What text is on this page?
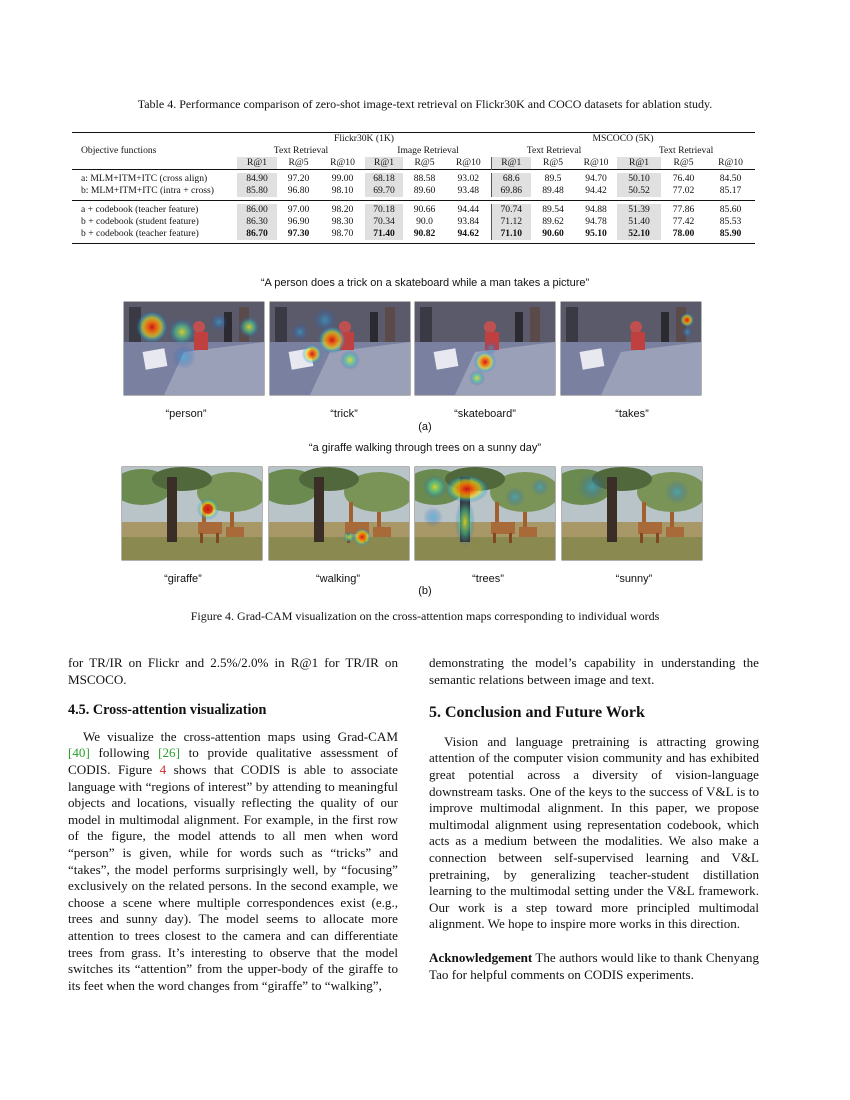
Table 4. Performance comparison of zero-shot image-text retrieval on Flickr30K and COCO datasets for ablation study.
	Flickr30K (1K)						MSCOCO (5K)					
Objective functions	Text Retrieval			Image Retrieval			Text Retrieval			Text Retrieval		
	R@1	R@5	R@10	R@1	R@5	R@10	R@1	R@5	R@10	R@1	R@5	R@10

a: MLM+ITM+ITC (cross align)	84.90	97.20	99.00	68.18	88.58	93.02	68.6	89.5	94.70	50.10	76.40	84.50
b: MLM+ITM+ITC (intra + cross)	85.80	96.80	98.10	69.70	89.60	93.48	69.86	89.48	94.42	50.52	77.02	85.17

a + codebook (teacher feature)	86.00	97.00	98.20	70.18	90.66	94.44	70.74	89.54	94.88	51.39	77.86	85.60
b + codebook (student feature)	86.30	96.90	98.30	70.34	90.0	93.84	71.12	89.62	94.78	51.40	77.42	85.53
b + codebook (teacher feature)	86.70	97.30	98.70	71.40	90.82	94.62	71.10	90.60	95.10	52.10	78.00	85.90

“A person does a trick on a skateboard while a man takes a picture”
“person”	“trick”	“skateboard”	“takes”
(a)
“a giraffe walking through trees on a sunny day”
“giraffe”	“walking”	“trees”	“sunny”
(b)
Figure 4. Grad-CAM visualization on the cross-attention maps corresponding to individual words

for TR/IR on Flickr and 2.5%/2.0% in R@1 for TR/IR on MSCOCO.

4.5. Cross-attention visualization

We visualize the cross-attention maps using Grad-CAM [40] following [26] to provide qualitative assessment of CODIS. Figure 4 shows that CODIS is able to associate language with “regions of interest” by attending to meaningful objects and locations, visually reflecting the quality of our model in multimodal alignment. For example, in the first row of the figure, the model attends to all men when word “person” is given, while for words such as “tricks” and “takes”, the model performs surprisingly well, by “focusing” exclusively on the related persons. In the second example, we choose a scene where multiple correspondences exist (e.g., trees and sunny day). The model seems to allocate more attention to trees closest to the camera and can differentiate trees from grass. It’s interesting to observe that the model switches its “attention” from the upper-body of the giraffe to its feet when the word changes from “giraffe” to “walking”,

demonstrating the model’s capability in understanding the semantic relations between image and text.

5. Conclusion and Future Work

Vision and language pretraining is attracting growing attention of the computer vision community and has exhibited great potential across a diversity of vision-language downstream tasks. One of the keys to the success of V&L is to improve multimodal alignment. In this paper, we propose multimodal alignment using representation codebook, which acts as a medium between the modalities. We also make a connection between self-supervised learning and V&L pretraining, by generalizing teacher-student distillation learning to the multimodal setting under the V&L framework. Our work is a step toward more principled multimodal alignment. We hope to inspire more works in this direction.

Acknowledgement The authors would like to thank Chenyang Tao for helpful comments on CODIS experiments.
